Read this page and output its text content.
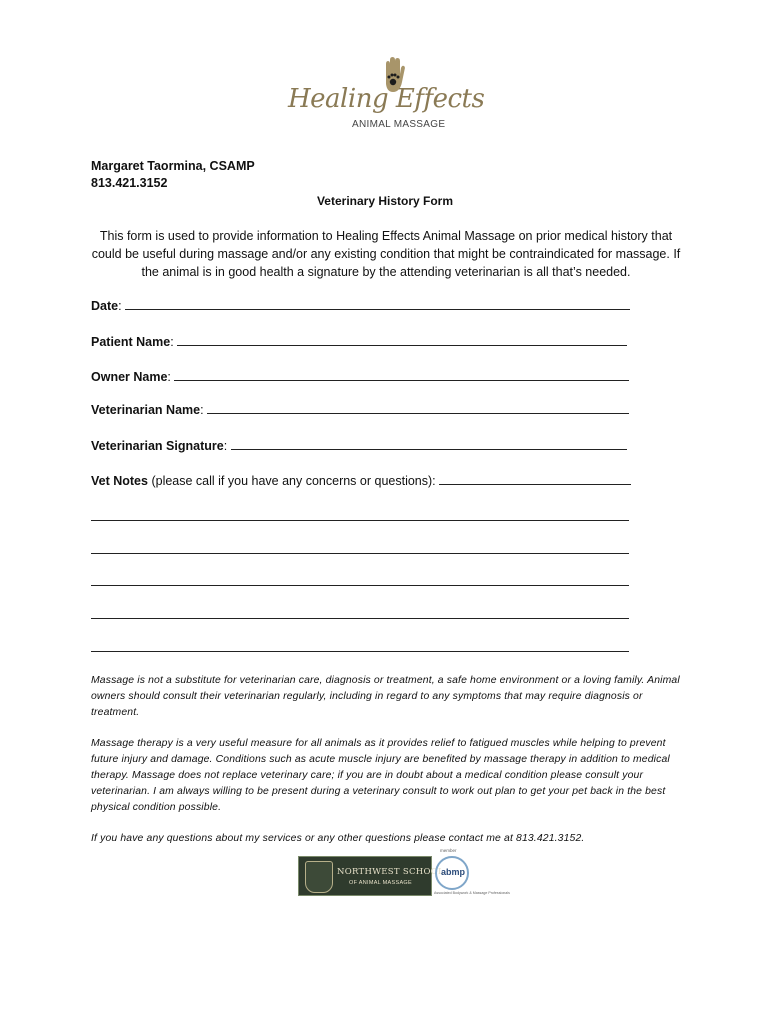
Healing Effects
ANIMAL MASSAGE
Margaret Taormina, CSAMP
813.421.3152
Veterinary History Form
This form is used to provide information to Healing Effects Animal Massage on prior medical history that could be useful during massage and/or any existing condition that might be contraindicated for massage. If the animal is in good health a signature by the attending veterinarian is all that’s needed.
Date:
Patient Name:
Owner Name:
Veterinarian Name:
Veterinarian Signature:
Vet Notes (please call if you have any concerns or questions):
Massage is not a substitute for veterinarian care, diagnosis or treatment, a safe home environment or a loving family. Animal owners should consult their veterinarian regularly, including in regard to any symptoms that may require diagnosis or treatment.
Massage therapy is a very useful measure for all animals as it provides relief to fatigued muscles while helping to prevent future injury and damage. Conditions such as acute muscle injury are benefited by massage therapy in addition to medical therapy. Massage does not replace veterinary care; if you are in doubt about a medical condition please consult your veterinarian. I am always willing to be present during a veterinary consult to work out plan to get your pet back in the best physical condition possible.
If you have any questions about my services or any other questions please contact me at 813.421.3152.
NORTHWEST SCHOOL
OF ANIMAL MASSAGE
member
abmp
Associated Bodywork & Massage Professionals
